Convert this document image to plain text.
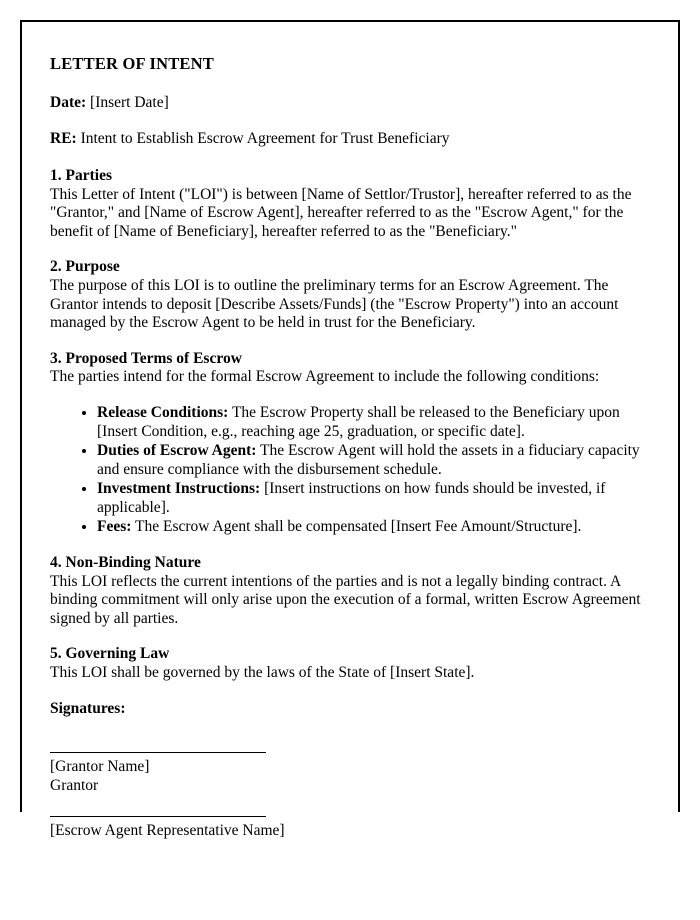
LETTER OF INTENT

Date: [Insert Date]

RE: Intent to Establish Escrow Agreement for Trust Beneficiary

1. Parties

This Letter of Intent ("LOI") is between [Name of Settlor/Trustor], hereafter referred to as the "Grantor," and [Name of Escrow Agent], hereafter referred to as the "Escrow Agent," for the benefit of [Name of Beneficiary], hereafter referred to as the "Beneficiary."

2. Purpose

The purpose of this LOI is to outline the preliminary terms for an Escrow Agreement. The Grantor intends to deposit [Describe Assets/Funds] (the "Escrow Property") into an account managed by the Escrow Agent to be held in trust for the Beneficiary.

3. Proposed Terms of Escrow

The parties intend for the formal Escrow Agreement to include the following conditions:

• Release Conditions: The Escrow Property shall be released to the Beneficiary upon [Insert Condition, e.g., reaching age 25, graduation, or specific date].
• Duties of Escrow Agent: The Escrow Agent will hold the assets in a fiduciary capacity and ensure compliance with the disbursement schedule.
• Investment Instructions: [Insert instructions on how funds should be invested, if applicable].
• Fees: The Escrow Agent shall be compensated [Insert Fee Amount/Structure].

4. Non-Binding Nature

This LOI reflects the current intentions of the parties and is not a legally binding contract. A binding commitment will only arise upon the execution of a formal, written Escrow Agreement signed by all parties.

5. Governing Law

This LOI shall be governed by the laws of the State of [Insert State].

Signatures:

[Grantor Name]

Grantor

[Escrow Agent Representative Name]
